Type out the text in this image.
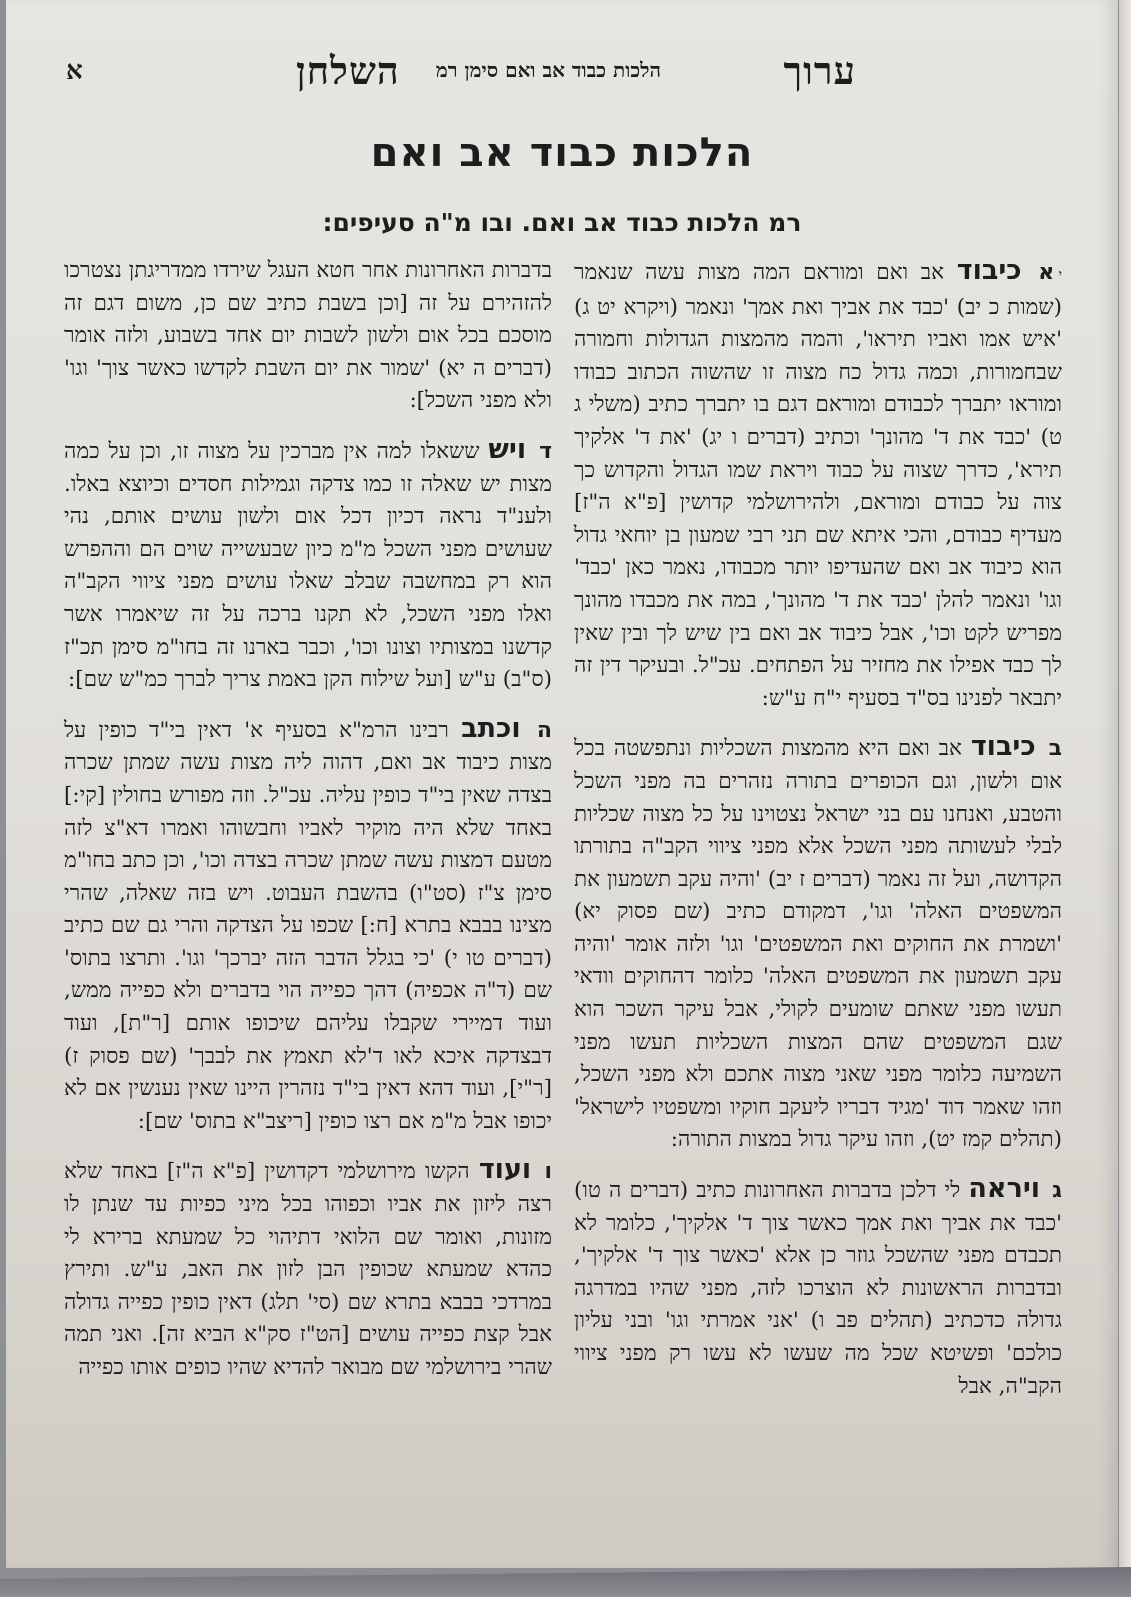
ערוך
הלכות כבוד אב ואם סימן רמ
השלחן
א
הלכות כבוד אב ואם
רמ הלכות כבוד אב ואם. ובו מ"ה סעיפים:

יא כיבוד אב ואם ומוראם המה מצות עשה שנאמר (שמות כ יב) 'כבד את אביך ואת אמך' ונאמר (ויקרא יט ג) 'איש אמו ואביו תיראו', והמה מהמצות הגדולות וחמורה שבחמורות, וכמה גדול כח מצוה זו שהשוה הכתוב כבודו ומוראו יתברך לכבודם ומוראם דגם בו יתברך כתיב (משלי ג ט) 'כבד את ד' מהונך' וכתיב (דברים ו יג) 'את ד' אלקיך תירא', כדרך שצוה על כבוד ויראת שמו הגדול והקדוש כך צוה על כבודם ומוראם, ולהירושלמי קדושין [פ"א ה"ז] מעדיף כבודם, והכי איתא שם תני רבי שמעון בן יוחאי גדול הוא כיבוד אב ואם שהעדיפו יותר מכבודו, נאמר כאן 'כבד' וגו' ונאמר להלן 'כבד את ד' מהונך', במה את מכבדו מהונך מפריש לקט וכו', אבל כיבוד אב ואם בין שיש לך ובין שאין לך כבד אפילו את מחזיר על הפתחים. עכ"ל. ובעיקר דין זה יתבאר לפנינו בס"ד בסעיף י"ח ע"ש:

ב כיבוד אב ואם היא מהמצות השכליות ונתפשטה בכל אום ולשון, וגם הכופרים בתורה נזהרים בה מפני השכל והטבע, ואנחנו עם בני ישראל נצטוינו על כל מצוה שכליות לבלי לעשותה מפני השכל אלא מפני ציווי הקב"ה בתורתו הקדושה, ועל זה נאמר (דברים ז יב) 'והיה עקב תשמעון את המשפטים האלה' וגו', דמקודם כתיב (שם פסוק יא) 'ושמרת את החוקים ואת המשפטים' וגו' ולזה אומר 'והיה עקב תשמעון את המשפטים האלה' כלומר דהחוקים וודאי תעשו מפני שאתם שומעים לקולי, אבל עיקר השכר הוא שגם המשפטים שהם המצות השכליות תעשו מפני השמיעה כלומר מפני שאני מצוה אתכם ולא מפני השכל, וזהו שאמר דוד 'מגיד דבריו ליעקב חוקיו ומשפטיו לישראל' (תהלים קמז יט), וזהו עיקר גדול במצות התורה:

ג ויראה לי דלכן בדברות האחרונות כתיב (דברים ה טו) 'כבד את אביך ואת אמך כאשר צוך ד' אלקיך', כלומר לא תכבדם מפני שהשכל גוזר כן אלא 'כאשר צוך ד' אלקיך', ובדברות הראשונות לא הוצרכו לזה, מפני שהיו במדרגה גדולה כדכתיב (תהלים פב ו) 'אני אמרתי וגו' ובני עליון כולכם' ופשיטא שכל מה שעשו לא עשו רק מפני ציווי הקב"ה, אבל

בדברות האחרונות אחר חטא העגל שירדו ממדריגתן נצטרכו להזהירם על זה [וכן בשבת כתיב שם כן, משום דגם זה מוסכם בכל אום ולשון לשבות יום אחד בשבוע, ולזה אומר (דברים ה יא) 'שמור את יום השבת לקדשו כאשר צוך' וגו' ולא מפני השכל]:

ד ויש ששאלו למה אין מברכין על מצוה זו, וכן על כמה מצות יש שאלה זו כמו צדקה וגמילות חסדים וכיוצא באלו. ולענ"ד נראה דכיון דכל אום ולשון עושים אותם, נהי שעושים מפני השכל מ"מ כיון שבעשייה שוים הם וההפרש הוא רק במחשבה שבלב שאלו עושים מפני ציווי הקב"ה ואלו מפני השכל, לא תקנו ברכה על זה שיאמרו אשר קדשנו במצותיו וצונו וכו', וכבר בארנו זה בחו"מ סימן תכ"ז (ס"ב) ע"ש [ועל שילוח הקן באמת צריך לברך כמ"ש שם]:

ה וכתב רבינו הרמ"א בסעיף א' דאין בי"ד כופין על מצות כיבוד אב ואם, דהוה ליה מצות עשה שמתן שכרה בצדה שאין בי"ד כופין עליה. עכ"ל. וזה מפורש בחולין [קי:] באחד שלא היה מוקיר לאביו וחבשוהו ואמרו דא"צ לזה מטעם דמצות עשה שמתן שכרה בצדה וכו', וכן כתב בחו"מ סימן צ"ז (סט"ו) בהשבת העבוט. ויש בזה שאלה, שהרי מצינו בבבא בתרא [ח:] שכפו על הצדקה והרי גם שם כתיב (דברים טו י) 'כי בגלל הדבר הזה יברכך' וגו'. ותרצו בתוס' שם (ד"ה אכפיה) דהך כפייה הוי בדברים ולא כפייה ממש, ועוד דמיירי שקבלו עליהם שיכופו אותם [ר"ת], ועוד דבצדקה איכא לאו ד'לא תאמץ את לבבך' (שם פסוק ז) [ר"י], ועוד דהא דאין בי"ד נזהרין היינו שאין נענשין אם לא יכופו אבל מ"מ אם רצו כופין [ריצב"א בתוס' שם]:

ו ועוד הקשו מירושלמי דקדושין [פ"א ה"ז] באחד שלא רצה ליזון את אביו וכפוהו בכל מיני כפיות עד שנתן לו מזונות, ואומר שם הלואי דתיהוי כל שמעתא ברירא לי כהדא שמעתא שכופין הבן לזון את האב, ע"ש. ותירץ במרדכי בבבא בתרא שם (סי' תלג) דאין כופין כפייה גדולה אבל קצת כפייה עושים [הט"ז סק"א הביא זה]. ואני תמה שהרי בירושלמי שם מבואר להדיא שהיו כופים אותו כפייה
